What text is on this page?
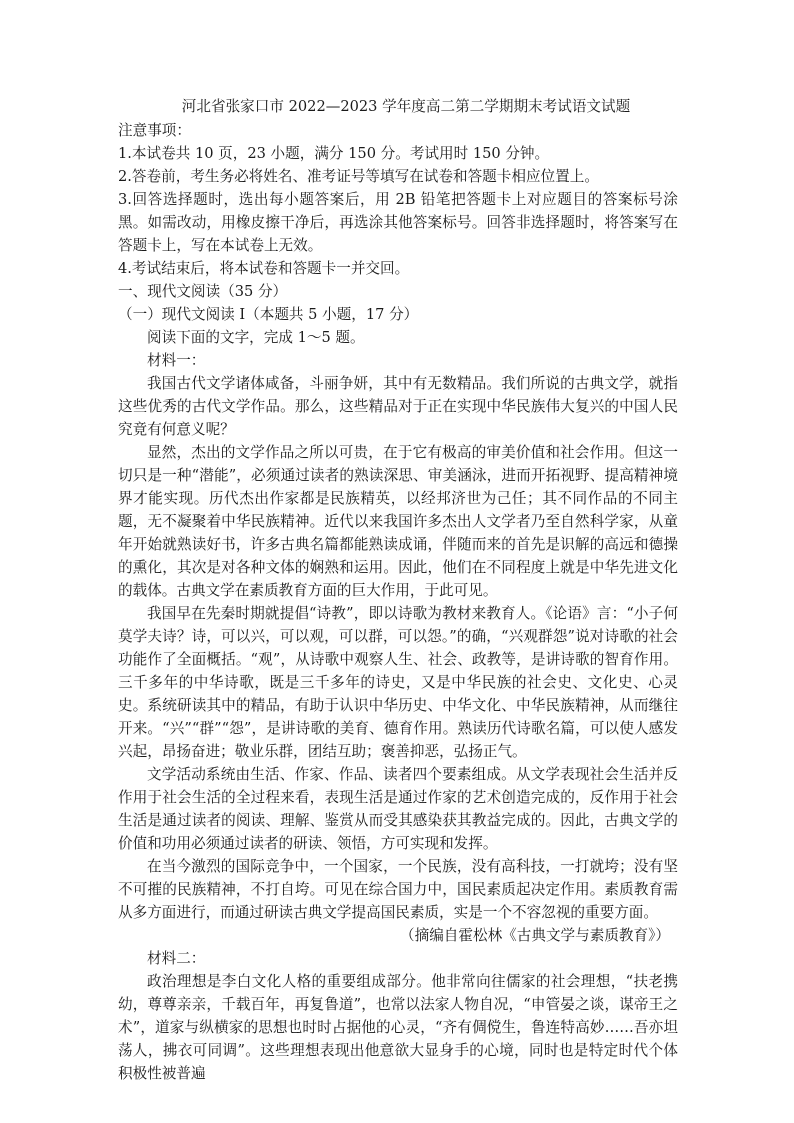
河北省张家口市 2022—2023 学年度高二第二学期期末考试语文试题
注意事项：
1.本试卷共 10 页，23 小题，满分 150 分。考试用时 150 分钟。
2.答卷前，考生务必将姓名、准考证号等填写在试卷和答题卡相应位置上。
3.回答选择题时，选出每小题答案后，用 2B 铅笔把答题卡上对应题目的答案标号涂黑。如需改动，用橡皮擦干净后，再选涂其他答案标号。回答非选择题时，将答案写在答题卡上，写在本试卷上无效。
4.考试结束后，将本试卷和答题卡一并交回。
一、现代文阅读（35 分）
（一）现代文阅读 I（本题共 5 小题，17 分）
阅读下面的文字，完成 1～5 题。
材料一：
我国古代文学诸体咸备，斗丽争妍，其中有无数精品。我们所说的古典文学，就指这些优秀的古代文学作品。那么，这些精品对于正在实现中华民族伟大复兴的中国人民究竟有何意义呢？
显然，杰出的文学作品之所以可贵，在于它有极高的审美价值和社会作用。但这一切只是一种“潜能”，必须通过读者的熟读深思、审美涵泳，进而开拓视野、提高精神境界才能实现。历代杰出作家都是民族精英，以经邦济世为己任；其不同作品的不同主题，无不凝聚着中华民族精神。近代以来我国许多杰出人文学者乃至自然科学家，从童年开始就熟读好书，许多古典名篇都能熟读成诵，伴随而来的首先是识解的高远和德操的熏化，其次是对各种文体的娴熟和运用。因此，他们在不同程度上就是中华先进文化的载体。古典文学在素质教育方面的巨大作用，于此可见。
我国早在先秦时期就提倡“诗教”，即以诗歌为教材来教育人。《论语》言：“小子何莫学夫诗？诗，可以兴，可以观，可以群，可以怨。”的确，“兴观群怨”说对诗歌的社会功能作了全面概括。“观”，从诗歌中观察人生、社会、政教等，是讲诗歌的智育作用。三千多年的中华诗歌，既是三千多年的诗史，又是中华民族的社会史、文化史、心灵史。系统研读其中的精品，有助于认识中华历史、中华文化、中华民族精神，从而继往开来。“兴”“群”“怨”，是讲诗歌的美育、德育作用。熟读历代诗歌名篇，可以使人感发兴起，昂扬奋进；敬业乐群，团结互助；褒善抑恶，弘扬正气。
文学活动系统由生活、作家、作品、读者四个要素组成。从文学表现社会生活并反作用于社会生活的全过程来看，表现生活是通过作家的艺术创造完成的，反作用于社会生活是通过读者的阅读、理解、鉴赏从而受其感染获其教益完成的。因此，古典文学的价值和功用必须通过读者的研读、领悟，方可实现和发挥。
在当今激烈的国际竞争中，一个国家，一个民族，没有高科技，一打就垮；没有坚不可摧的民族精神，不打自垮。可见在综合国力中，国民素质起决定作用。素质教育需从多方面进行，而通过研读古典文学提高国民素质，实是一个不容忽视的重要方面。
（摘编自霍松林《古典文学与素质教育》）
材料二：
政治理想是李白文化人格的重要组成部分。他非常向往儒家的社会理想，“扶老携幼，尊尊亲亲，千载百年，再复鲁道”，也常以法家人物自况，“申管晏之谈，谋帝王之术”，道家与纵横家的思想也时时占据他的心灵，“齐有倜傥生，鲁连特高妙……吾亦坦荡人，拂衣可同调”。这些理想表现出他意欲大显身手的心境，同时也是特定时代个体积极性被普遍
